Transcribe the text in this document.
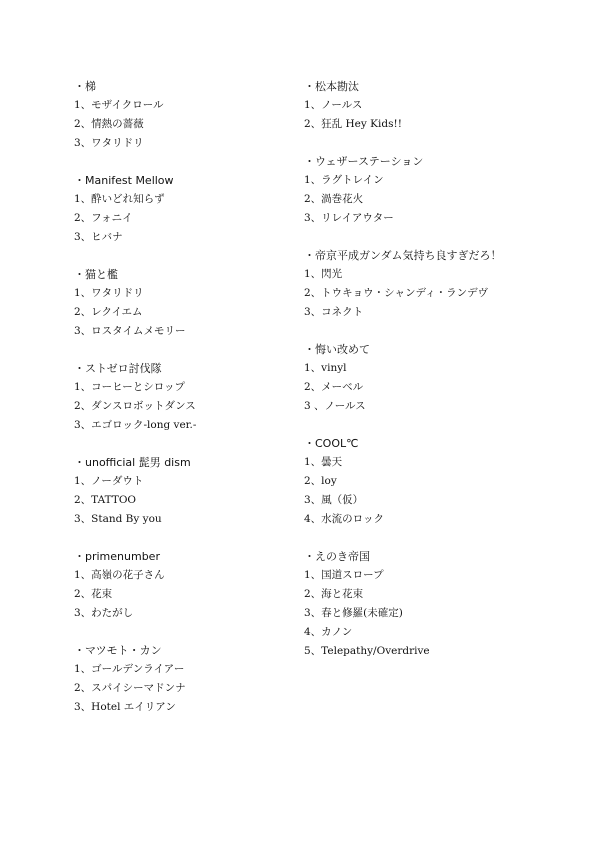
・梯
1、モザイクロール
2、情熱の薔薇
3、ワタリドリ
・Manifest Mellow
1、酔いどれ知らず
2、フォニイ
3、ヒバナ
・猫と檻
1、ワタリドリ
2、レクイエム
3、ロスタイムメモリー
・ストゼロ討伐隊
1、コーヒーとシロップ
2、ダンスロボットダンス
3、エゴロック-long ver.-
・unofficial 髭男 dism
1、ノーダウト
2、TATTOO
3、Stand By you
・primenumber
1、高嶺の花子さん
2、花束
3、わたがし
・マツモト・カン
1、ゴールデンライアー
2、スパイシーマドンナ
3、Hotel エイリアン
・松本勘汰
1、ノールス
2、狂乱 Hey Kids!!
・ウェザーステーション
1、ラグトレイン
2、渦巻花火
3、リレイアウター
・帝京平成ガンダム気持ち良すぎだろ！
1、閃光
2、トウキョウ・シャンディ・ランデヴ
3、コネクト
・悔い改めて
1、vinyl
2、メーベル
3 、ノールス
・COOL℃
1、曇天
2、loy
3、風（仮）
4、水流のロック
・えのき帝国
1、国道スロープ
2、海と花束
3、春と修羅(未確定)
4、カノン
5、Telepathy/Overdrive
